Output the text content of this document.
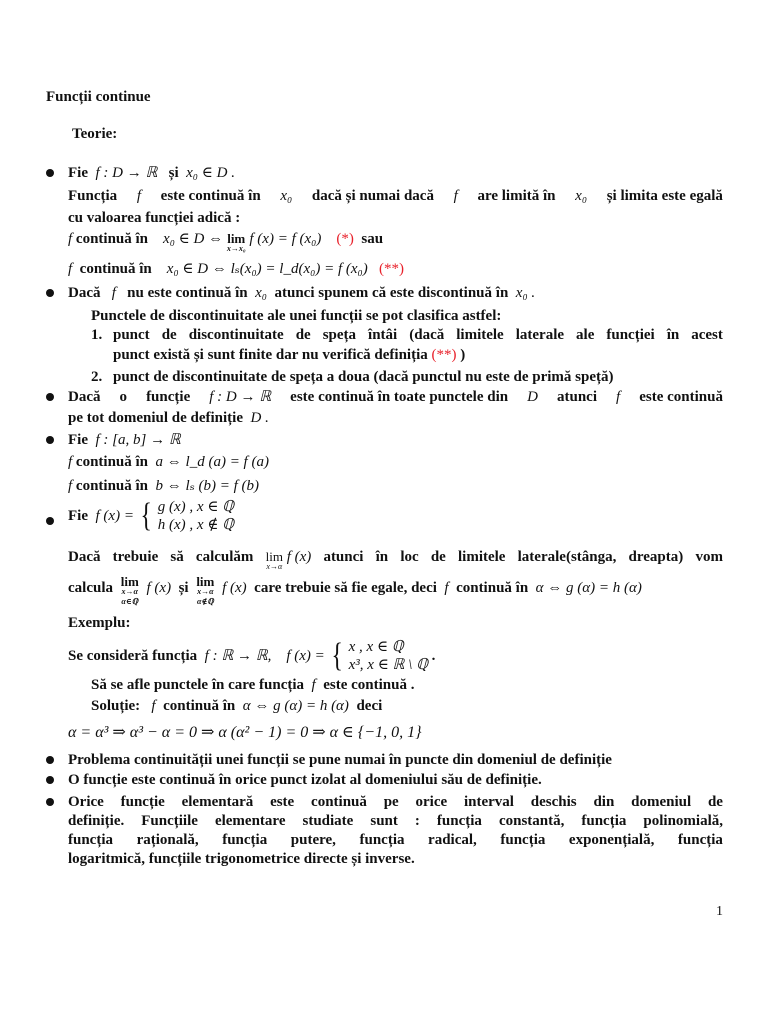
Funcții continue
Teorie:
Fie f : D → ℝ și x₀ ∈ D .
Funcția f este continuă în x₀ dacă și numai dacă f are limită în x₀ și limita este egală
cu valoarea funcției adică :
f continuă în x₀ ∈ D ⇔ lim
x→x₀
f (x) = f (x₀) (*) sau
f continuă în x₀ ∈ D ⇔ lₛ(x₀) = l_d(x₀) = f (x₀) (**)
Dacă f nu este continuă în x₀ atunci spunem că este discontinuă în x₀ .
Punctele de discontinuitate ale unei funcții se pot clasifica astfel:
1. punct de discontinuitate de speța întâi (dacă limitele laterale ale funcției în acest
punct există și sunt finite dar nu verifică definiția (**) )
2. punct de discontinuitate de speța a doua (dacă punctul nu este de primă speță)
Dacă o funcție f : D → ℝ este continuă în toate punctele din D atunci f este continuă
pe tot domeniul de definiție D .
Fie f : [a, b] → ℝ
f continuă în a ⇔ l_d (a) = f (a)
f continuă în b ⇔ lₛ (b) = f (b)
Fie f (x) = { g (x) , x ∈ ℚ
h (x) , x ∉ ℚ
Dacă trebuie să calculăm lim
x→α
f (x) atunci în loc de limitele laterale(stânga, dreapta) vom
calcula lim
x→α α∈ℚ
f (x) și lim
x→α α∉ℚ
f (x) care trebuie să fie egale, deci f continuă în α ⇔ g (α) = h (α)
Exemplu:
Se consideră funcția f : ℝ → ℝ, f (x) = { x , x ∈ ℚ
x³, x ∈ ℝ \ ℚ
.
Să se afle punctele în care funcția f este continuă .
Soluție: f continuă în α ⇔ g (α) = h (α) deci
α = α³ ⇒ α³ − α = 0 ⇒ α (α² − 1) = 0 ⇒ α ∈ {−1, 0, 1}
Problema continuității unei funcții se pune numai în puncte din domeniul de definiție
O funcție este continuă în orice punct izolat al domeniului său de definiție.
Orice funcție elementară este continuă pe orice interval deschis din domeniul de
definiție. Funcțiile elementare studiate sunt : funcția constantă, funcția polinomială,
funcția rațională, funcția putere, funcția radical, funcția exponențială, funcția
logaritmică, funcțiile trigonometrice directe și inverse.
1
